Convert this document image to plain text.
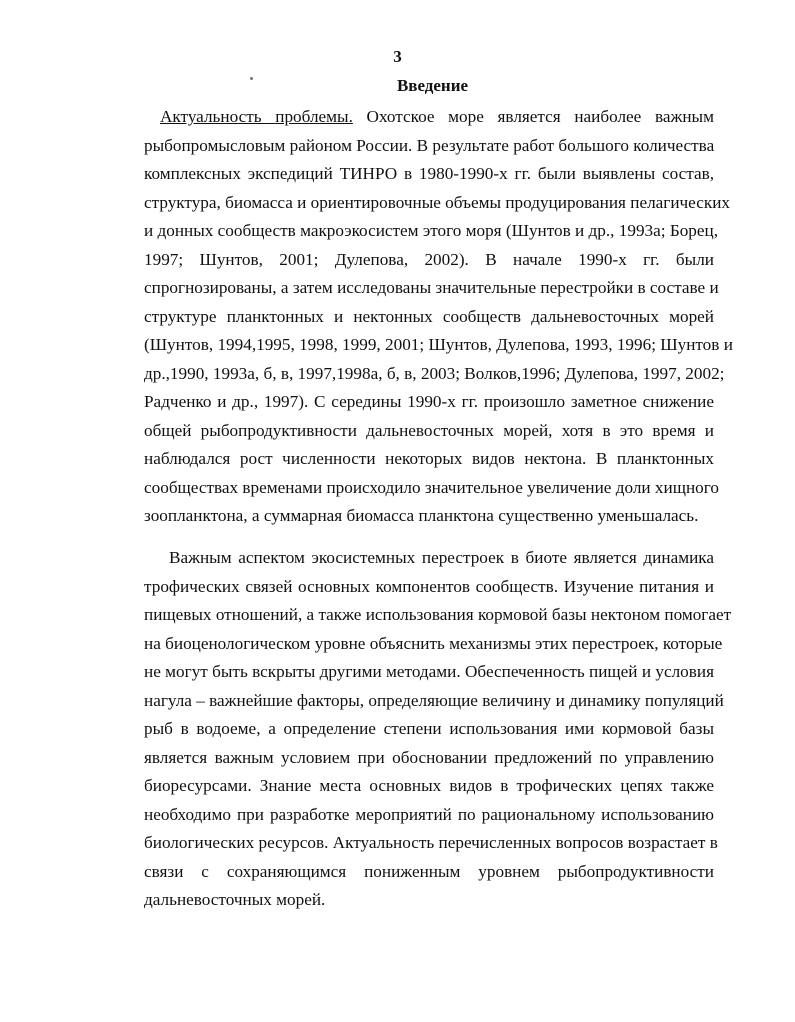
3
Введение
Актуальность проблемы. Охотское море является наиболее важным
рыбопромысловым районом России. В результате работ большого количества
комплексных экспедиций ТИНРО в 1980-1990-х гг. были выявлены состав,
структура, биомасса и ориентировочные объемы продуцирования пелагических
и донных сообществ макроэкосистем этого моря (Шунтов и др., 1993а; Борец,
1997; Шунтов, 2001; Дулепова, 2002). В начале 1990-х гг. были
спрогнозированы, а затем исследованы значительные перестройки в составе и
структуре планктонных и нектонных сообществ дальневосточных морей
(Шунтов, 1994,1995, 1998, 1999, 2001; Шунтов, Дулепова, 1993, 1996; Шунтов и
др.,1990, 1993а, б, в, 1997,1998а, б, в, 2003; Волков,1996; Дулепова, 1997, 2002;
Радченко и др., 1997). С середины 1990-х гг. произошло заметное снижение
общей рыбопродуктивности дальневосточных морей, хотя в это время и
наблюдался рост численности некоторых видов нектона. В планктонных
сообществах временами происходило значительное увеличение доли хищного
зоопланктона, а суммарная биомасса планктона существенно уменьшалась.
Важным аспектом экосистемных перестроек в биоте является динамика
трофических связей основных компонентов сообществ. Изучение питания и
пищевых отношений, а также использования кормовой базы нектоном помогает
на биоценологическом уровне объяснить механизмы этих перестроек, которые
не могут быть вскрыты другими методами. Обеспеченность пищей и условия
нагула – важнейшие факторы, определяющие величину и динамику популяций
рыб в водоеме, а определение степени использования ими кормовой базы
является важным условием при обосновании предложений по управлению
биоресурсами. Знание места основных видов в трофических цепях также
необходимо при разработке мероприятий по рациональному использованию
биологических ресурсов. Актуальность перечисленных вопросов возрастает в
связи с сохраняющимся пониженным уровнем рыбопродуктивности
дальневосточных морей.
